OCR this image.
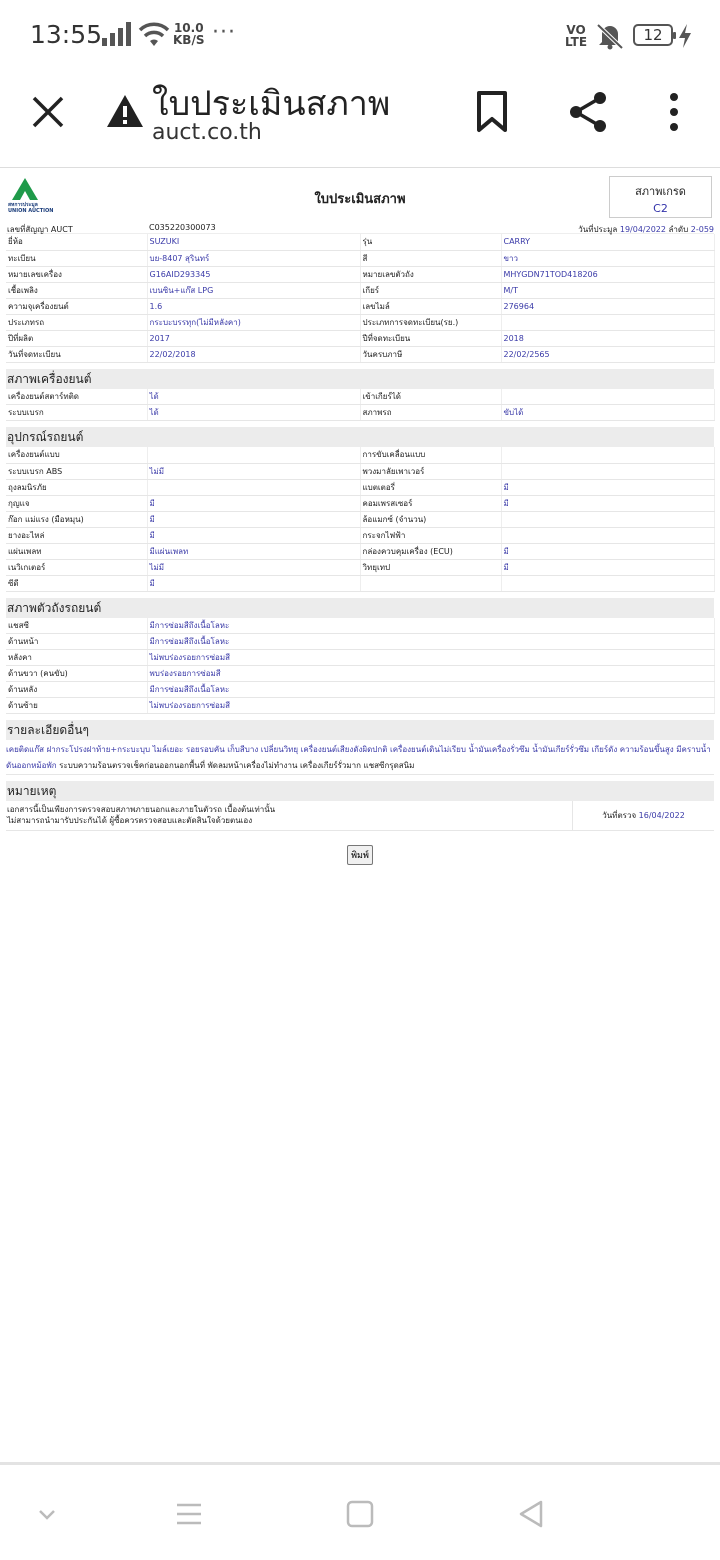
13:55	10.0
KB/S ···	VO
LTE	12
ใบประเมินสภาพ
auct.co.th
สหการประมูล
UNION AUCTION
ใบประเมินสภาพ
สภาพเกรด
C2
เลขที่สัญญา AUCT	C035220300073	วันที่ประมูล 19/04/2022 ลำดับ 2-059
ยี่ห้อ	SUZUKI	รุ่น	CARRY
ทะเบียน	บย-8407 สุรินทร์	สี	ขาว
หมายเลขเครื่อง	G16AID293345	หมายเลขตัวถัง	MHYGDN71TOD418206
เชื้อเพลิง	เบนซิน+แก๊ส LPG	เกียร์	M/T
ความจุเครื่องยนต์	1.6	เลขไมล์	276964
ประเภทรถ	กระบะบรรทุก(ไม่มีหลังคา)	ประเภทการจดทะเบียน(รย.)	
ปีที่ผลิต	2017	ปีที่จดทะเบียน	2018
วันที่จดทะเบียน	22/02/2018	วันครบภาษี	22/02/2565
สภาพเครื่องยนต์
เครื่องยนต์สตาร์ทติด	ได้	เข้าเกียร์ได้	
ระบบเบรก	ได้	สภาพรถ	ขับได้
อุปกรณ์รถยนต์
เครื่องยนต์แบบ		การขับเคลื่อนแบบ	
ระบบเบรก ABS	ไม่มี	พวงมาลัยเพาเวอร์	
ถุงลมนิรภัย		แบตเตอรี่	มี
กุญแจ	มี	คอมเพรสเซอร์	มี
ก๊อก แม่แรง (มือหมุน)	มี	ล้อแมกซ์ (จำนวน)	
ยางอะไหล่	มี	กระจกไฟฟ้า	
แผ่นเพลท	มีแผ่นเพลท	กล่องควบคุมเครื่อง (ECU)	มี
เนวิเกเตอร์	ไม่มี	วิทยุเทป	มี
ซีดี	มี		
สภาพตัวถังรถยนต์
แชสซี	มีการซ่อมสีถึงเนื้อโลหะ
ด้านหน้า	มีการซ่อมสีถึงเนื้อโลหะ
หลังคา	ไม่พบร่องรอยการซ่อมสี
ด้านขวา (คนขับ)	พบร่องรอยการซ่อมสี
ด้านหลัง	มีการซ่อมสีถึงเนื้อโลหะ
ด้านซ้าย	ไม่พบร่องรอยการซ่อมสี
รายละเอียดอื่นๆ
เคยติดแก๊ส ฝากระโปรงฝาท้าย+กระบะบุบ ไมล์เยอะ รอยรอบคัน เก็บสีบาง เปลี่ยนวิทยุ เครื่องยนต์เสียงดังผิดปกติ เครื่องยนต์เดินไม่เรียบ น้ำมันเครื่องรั่วซึม น้ำมันเกียร์รั่วซึม เกียร์ดัง ความร้อนขึ้นสูง มีคราบน้ำ
ดันออกหม้อพัก ระบบความร้อนตรวจเช็คก่อนออกนอกพื้นที่ พัดลมหน้าเครื่องไม่ทำงาน เครื่องเกียร์รั่วมาก แชสซีกรุดสนิม
หมายเหตุ
เอกสารนี้เป็นเพียงการตรวจสอบสภาพภายนอกและภายในตัวรถ เบื้องต้นเท่านั้น
ไม่สามารถนำมารับประกันได้ ผู้ซื้อควรตรวจสอบและตัดสินใจด้วยตนเอง
วันที่ตรวจ 16/04/2022
พิมพ์
